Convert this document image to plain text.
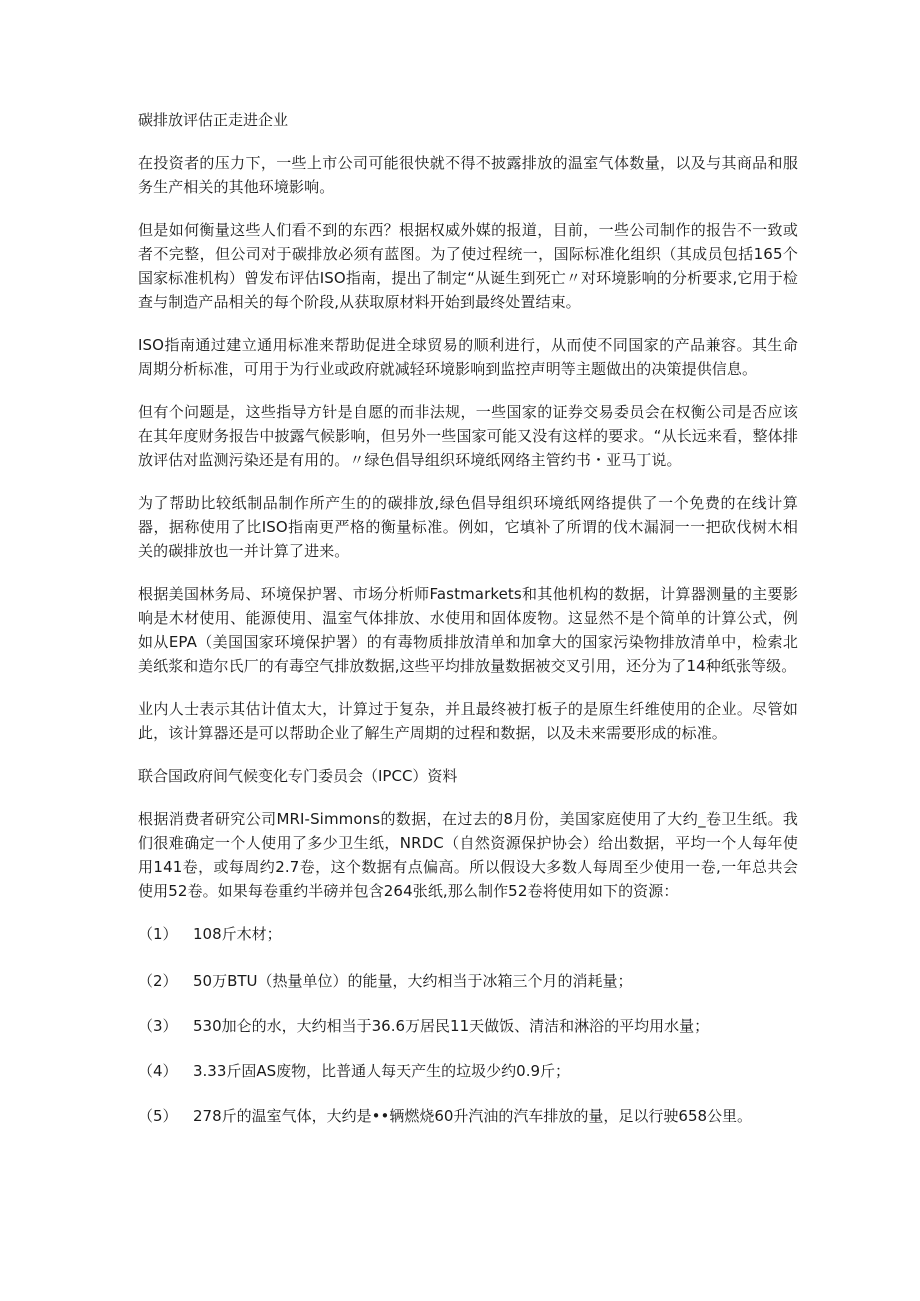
碳排放评估正走进企业

在投资者的压力下，一些上市公司可能很快就不得不披露排放的温室气体数量，以及与其商品和服务生产相关的其他环境影响。

但是如何衡量这些人们看不到的东西？根据权威外媒的报道，目前，一些公司制作的报告不一致或者不完整，但公司对于碳排放必须有蓝图。为了使过程统一，国际标准化组织（其成员包括165个国家标准机构）曾发布评估ISO指南，提出了制定“从诞生到死亡〃对环境影响的分析要求,它用于检查与制造产品相关的每个阶段,从获取原材料开始到最终处置结束。

ISO指南通过建立通用标准来帮助促进全球贸易的顺利进行，从而使不同国家的产品兼容。其生命周期分析标准，可用于为行业或政府就减轻环境影响到监控声明等主题做出的决策提供信息。

但有个问题是，这些指导方针是自愿的而非法规，一些国家的证券交易委员会在权衡公司是否应该在其年度财务报告中披露气候影响，但另外一些国家可能又没有这样的要求。“从长远来看，整体排放评估对监测污染还是有用的。〃绿色倡导组织环境纸网络主管约书・亚马丁说。

为了帮助比较纸制品制作所产生的的碳排放,绿色倡导组织环境纸网络提供了一个免费的在线计算器，据称使用了比ISO指南更严格的衡量标准。例如，它填补了所谓的伐木漏洞一一把砍伐树木相关的碳排放也一并计算了进来。

根据美国林务局、环境保护署、市场分析师Fastmarkets和其他机构的数据，计算器测量的主要影响是木材使用、能源使用、温室气体排放、水使用和固体废物。这显然不是个简单的计算公式，例如从EPA（美国国家环境保护署）的有毒物质排放清单和加拿大的国家污染物排放清单中，检索北美纸浆和造尔氏厂的有毒空气排放数据,这些平均排放量数据被交叉引用，还分为了14种纸张等级。

业内人士表示其估计值太大，计算过于复杂，并且最终被打板子的是原生纤维使用的企业。尽管如此，该计算器还是可以帮助企业了解生产周期的过程和数据，以及未来需要形成的标准。

联合国政府间气候变化专门委员会（IPCC）资料

根据消费者研究公司MRI-Simmons的数据，在过去的8月份，美国家庭使用了大约_卷卫生纸。我们很难确定一个人使用了多少卫生纸，NRDC（自然资源保护协会）给出数据，平均一个人每年使用141卷，或每周约2.7卷，这个数据有点偏高。所以假设大多数人每周至少使用一卷,一年总共会使用52卷。如果每卷重约半磅并包含264张纸,那么制作52卷将使用如下的资源：

（1）	108斤木材；
（2）	50万BTU（热量单位）的能量，大约相当于冰箱三个月的消耗量；
（3）	530加仑的水，大约相当于36.6万居民11天做饭、清洁和淋浴的平均用水量；
（4）	3.33斤固AS废物，比普通人每天产生的垃圾少约0.9斤；
（5）	278斤的温室气体，大约是••辆燃烧60升汽油的汽车排放的量，足以行驶658公里。
